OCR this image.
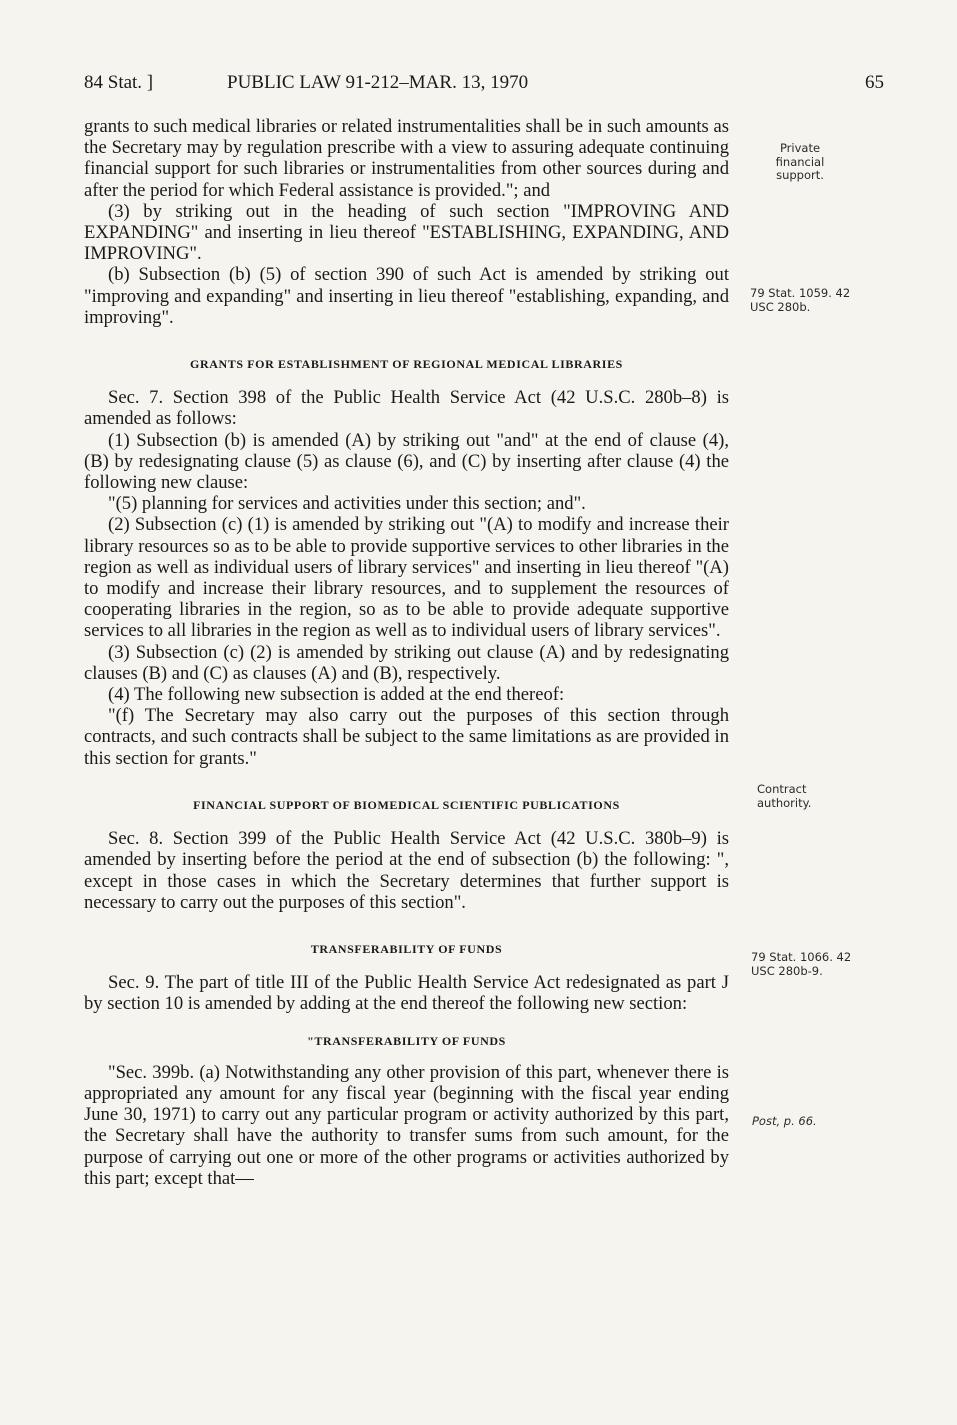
84 Stat. ]	PUBLIC LAW 91-212–MAR. 13, 1970	65

grants to such medical libraries or related instrumentalities shall be in such amounts as the Secretary may by regulation prescribe with a view to assuring adequate continuing financial support for such libraries or instrumentalities from other sources during and after the period for which Federal assistance is provided."; and

(3) by striking out in the heading of such section "IMPROVING AND EXPANDING" and inserting in lieu thereof "ESTABLISHING, EXPANDING, AND IMPROVING".

(b) Subsection (b) (5) of section 390 of such Act is amended by striking out "improving and expanding" and inserting in lieu thereof "establishing, expanding, and improving".

GRANTS FOR ESTABLISHMENT OF REGIONAL MEDICAL LIBRARIES

Sec. 7. Section 398 of the Public Health Service Act (42 U.S.C. 280b–8) is amended as follows:

(1) Subsection (b) is amended (A) by striking out "and" at the end of clause (4), (B) by redesignating clause (5) as clause (6), and (C) by inserting after clause (4) the following new clause:

"(5) planning for services and activities under this section; and".

(2) Subsection (c) (1) is amended by striking out "(A) to modify and increase their library resources so as to be able to provide supportive services to other libraries in the region as well as individual users of library services" and inserting in lieu thereof "(A) to modify and increase their library resources, and to supplement the resources of cooperating libraries in the region, so as to be able to provide adequate supportive services to all libraries in the region as well as to individual users of library services".

(3) Subsection (c) (2) is amended by striking out clause (A) and by redesignating clauses (B) and (C) as clauses (A) and (B), respectively.

(4) The following new subsection is added at the end thereof:

"(f) The Secretary may also carry out the purposes of this section through contracts, and such contracts shall be subject to the same limitations as are provided in this section for grants."

FINANCIAL SUPPORT OF BIOMEDICAL SCIENTIFIC PUBLICATIONS

Sec. 8. Section 399 of the Public Health Service Act (42 U.S.C. 380b–9) is amended by inserting before the period at the end of subsection (b) the following: ", except in those cases in which the Secretary determines that further support is necessary to carry out the purposes of this section".

TRANSFERABILITY OF FUNDS

Sec. 9. The part of title III of the Public Health Service Act redesignated as part J by section 10 is amended by adding at the end thereof the following new section:

"TRANSFERABILITY OF FUNDS

"Sec. 399b. (a) Notwithstanding any other provision of this part, whenever there is appropriated any amount for any fiscal year (beginning with the fiscal year ending June 30, 1971) to carry out any particular program or activity authorized by this part, the Secretary shall have the authority to transfer sums from such amount, for the purpose of carrying out one or more of the other programs or activities authorized by this part; except that—

Private financial support.
79 Stat. 1059. 42 USC 280b.
Contract authority.
79 Stat. 1066. 42 USC 280b-9.
Post, p. 66.
